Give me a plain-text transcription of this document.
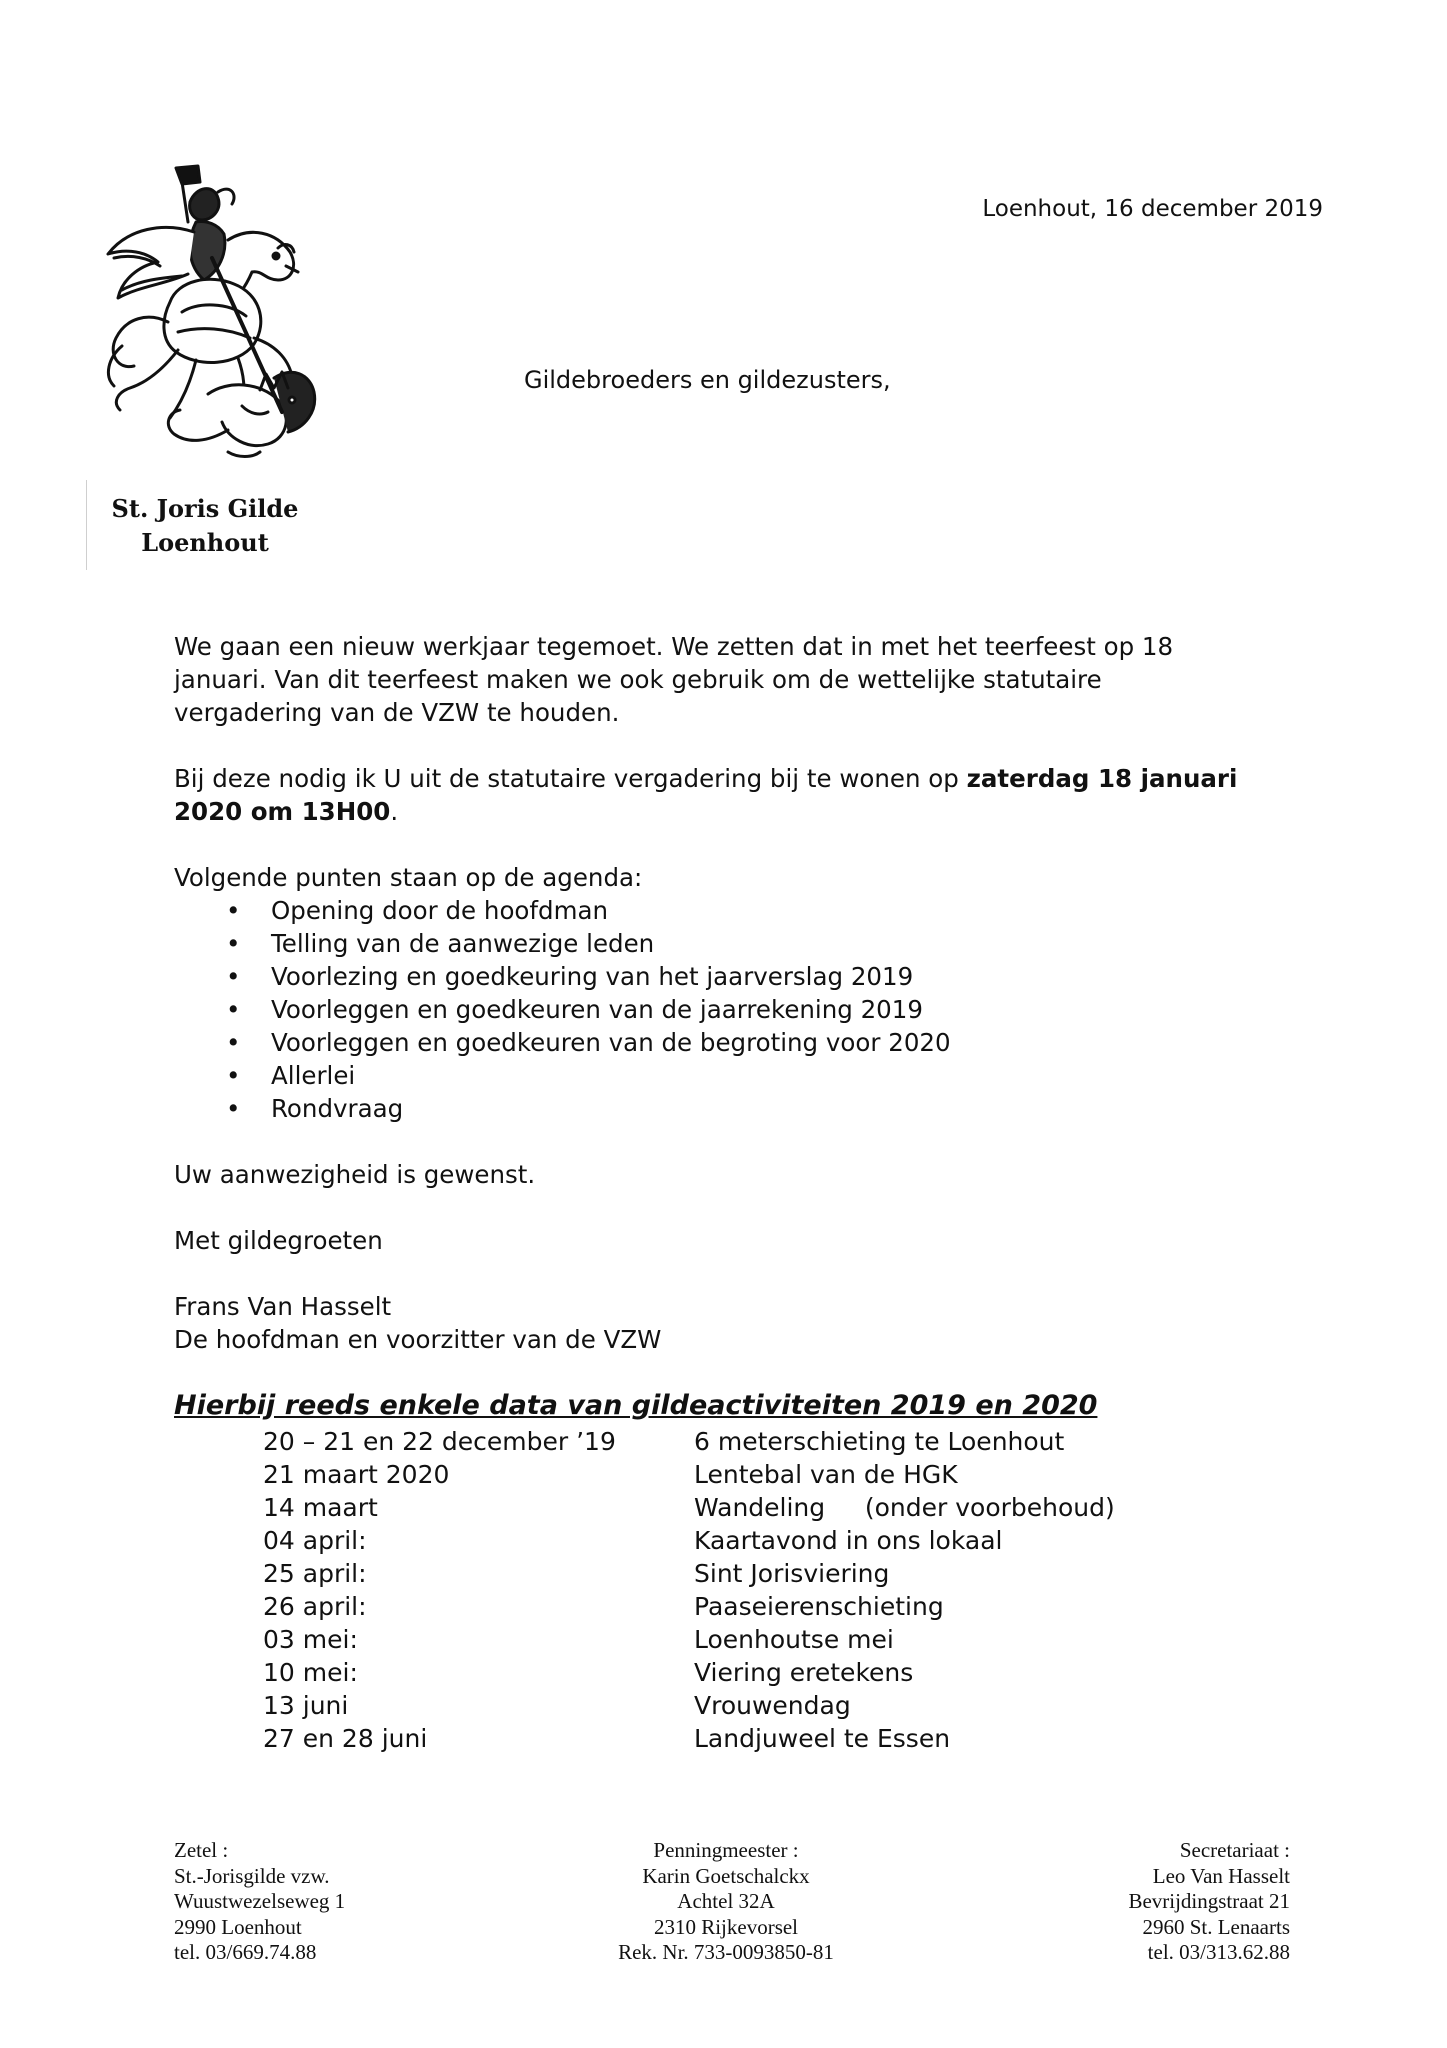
St. Joris Gilde
Loenhout
Loenhout, 16 december 2019
Gildebroeders en gildezusters,

We gaan een nieuw werkjaar tegemoet. We zetten dat in met het teerfeest op 18
januari. Van dit teerfeest maken we ook gebruik om de wettelijke statutaire
vergadering van de VZW te houden.

Bij deze nodig ik U uit de statutaire vergadering bij te wonen op zaterdag 18 januari
2020 om 13H00.

Volgende punten staan op de agenda:

• Opening door de hoofdman
• Telling van de aanwezige leden
• Voorlezing en goedkeuring van het jaarverslag 2019
• Voorleggen en goedkeuren van de jaarrekening 2019
• Voorleggen en goedkeuren van de begroting voor 2020
• Allerlei
• Rondvraag

Uw aanwezigheid is gewenst.

Met gildegroeten

Frans Van Hasselt
De hoofdman en voorzitter van de VZW

Hierbij reeds enkele data van gildeactiviteiten 2019 en 2020
20 – 21 en 22 december ’19	6 meterschieting te Loenhout
21 maart 2020	Lentebal van de HGK
14 maart	Wandeling     (onder voorbehoud)
04 april:	Kaartavond in ons lokaal
25 april:	Sint Jorisviering
26 april:	Paaseierenschieting
03 mei:	Loenhoutse mei
10 mei:	Viering eretekens
13 juni	Vrouwendag
27 en 28 juni	Landjuweel te Essen
Zetel :
St.-Jorisgilde vzw.
Wuustwezelseweg 1
2990 Loenhout
tel. 03/669.74.88
Penningmeester :
Karin Goetschalckx
Achtel 32A
2310 Rijkevorsel
Rek. Nr. 733-0093850-81
Secretariaat :
Leo Van Hasselt
Bevrijdingstraat 21
2960 St. Lenaarts
tel. 03/313.62.88
